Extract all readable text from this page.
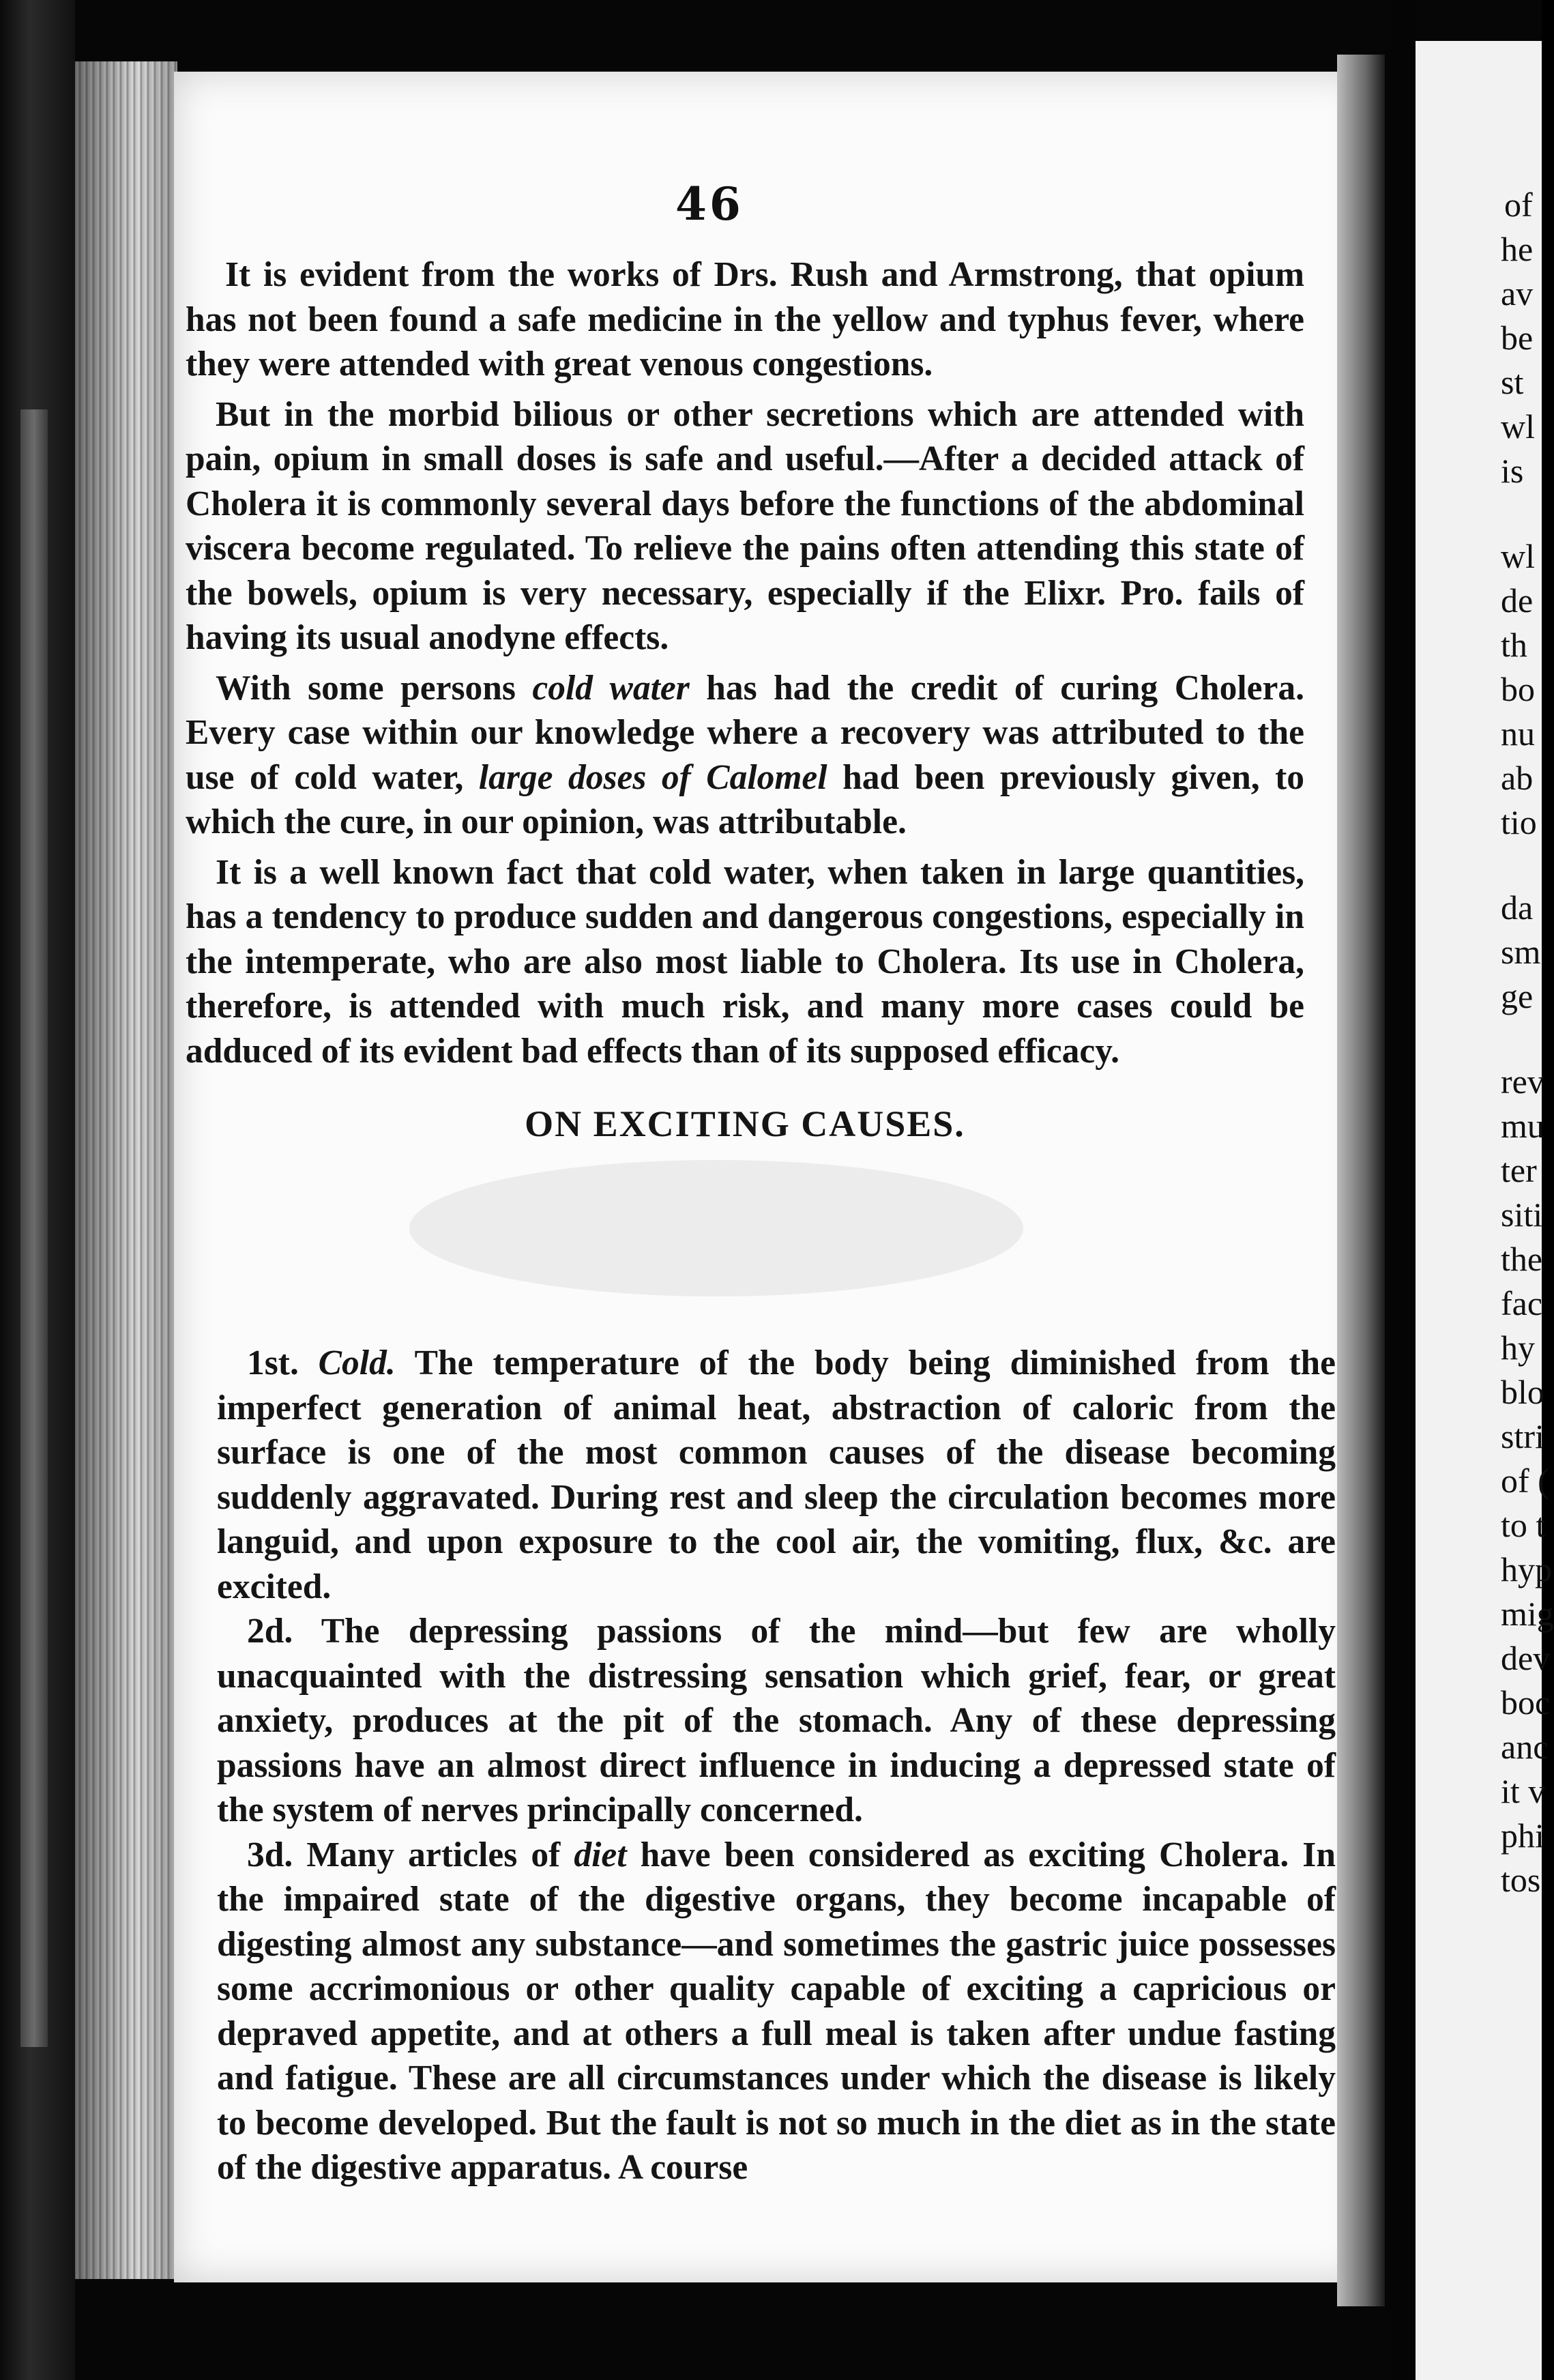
of
he
av
be
st
wl
is
wl
de
th
bo
nu
ab
tio
da
sm
ge
rev
mu
ter
siti
the
fac
hy
blo
stri
of (
to t
hyp
mig
dev
boc
anc
it v
phi
tos
46

It is evident from the works of Drs. Rush and Armstrong, that opium has not been found a safe medicine in the yellow and typhus fever, where they were attended with great venous congestions.

But in the morbid bilious or other secretions which are attended with pain, opium in small doses is safe and useful.—After a decided attack of Cholera it is commonly several days before the functions of the abdominal viscera become regulated. To relieve the pains often attending this state of the bowels, opium is very necessary, especially if the Elixr. Pro. fails of having its usual anodyne effects.

With some persons cold water has had the credit of curing Cholera. Every case within our knowledge where a recovery was attributed to the use of cold water, large doses of Calomel had been previously given, to which the cure, in our opinion, was attributable.

It is a well known fact that cold water, when taken in large quantities, has a tendency to produce sudden and dangerous congestions, especially in the intemperate, who are also most liable to Cholera. Its use in Cholera, therefore, is attended with much risk, and many more cases could be adduced of its evident bad effects than of its supposed efficacy.

ON EXCITING CAUSES.

1st. Cold. The temperature of the body being diminished from the imperfect generation of animal heat, abstraction of caloric from the surface is one of the most common causes of the disease becoming suddenly aggravated. During rest and sleep the circulation becomes more languid, and upon exposure to the cool air, the vomiting, flux, &c. are excited.

2d. The depressing passions of the mind—but few are wholly unacquainted with the distressing sensation which grief, fear, or great anxiety, produces at the pit of the stomach. Any of these depressing passions have an almost direct influence in inducing a depressed state of the system of nerves principally concerned.

3d. Many articles of diet have been considered as exciting Cholera. In the impaired state of the digestive organs, they become incapable of digesting almost any substance—and sometimes the gastric juice possesses some accrimonious or other quality capable of exciting a capricious or depraved appetite, and at others a full meal is taken after undue fasting and fatigue. These are all circumstances under which the disease is likely to become developed. But the fault is not so much in the diet as in the state of the digestive apparatus. A course
